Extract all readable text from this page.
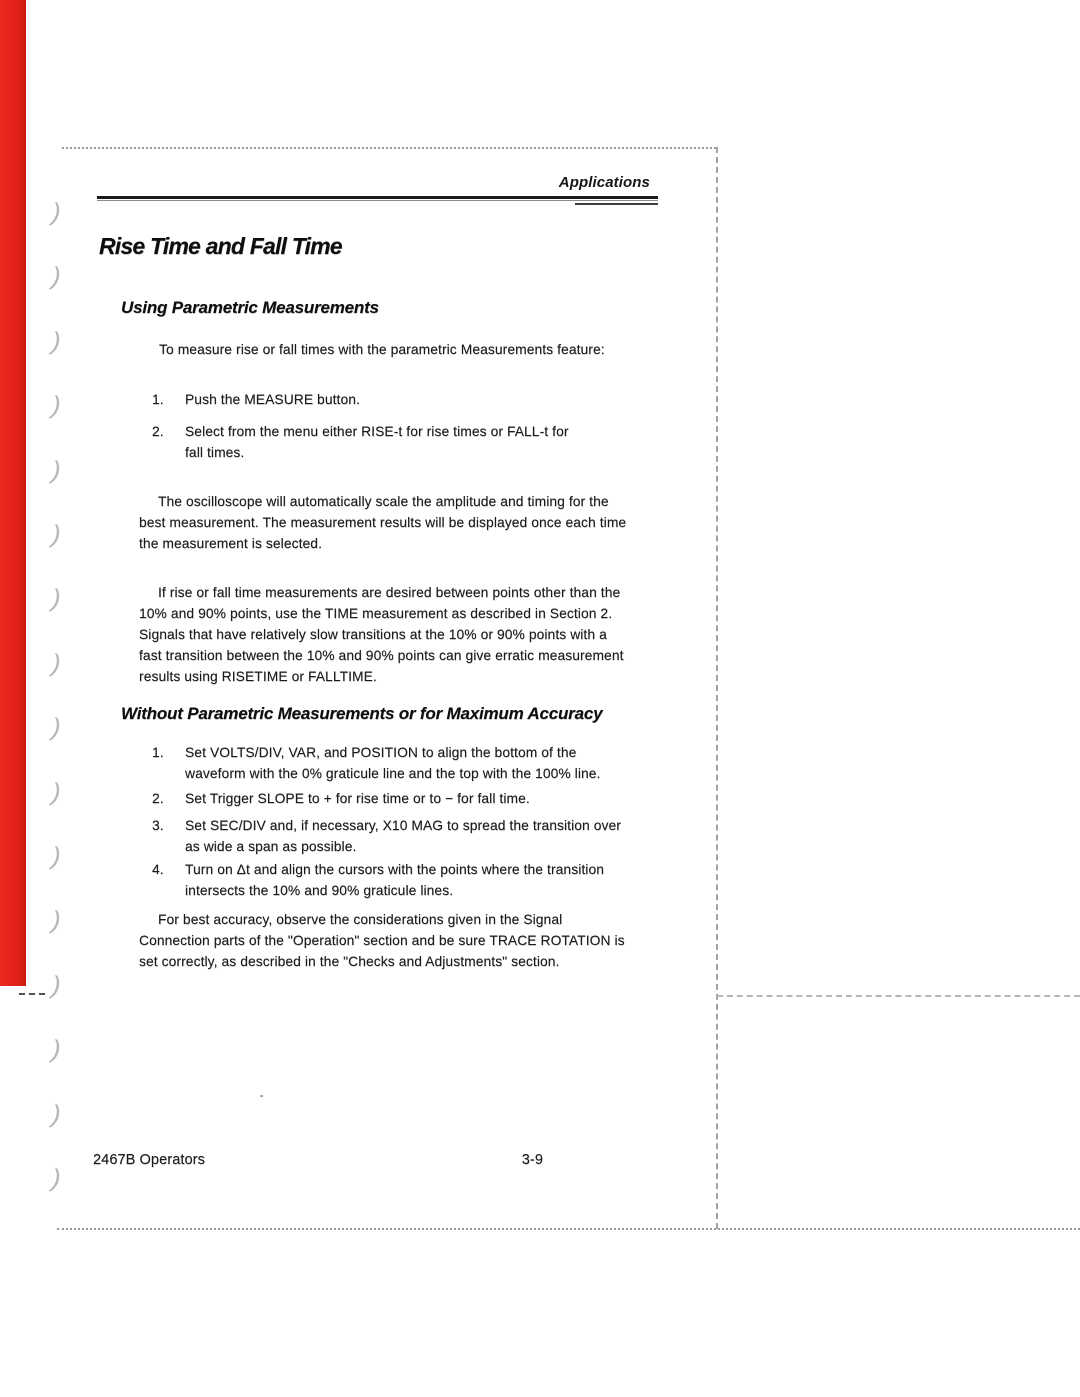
)
)
)
)
)
)
)
)
)
)
)
)
)
)
)
)
Applications
Rise Time and Fall Time
Using Parametric Measurements
To measure rise or fall times with the parametric Measurements feature:
1.	Push the MEASURE button.
2.	Select from the menu either RISE-t for rise times or FALL-t for
fall times.
The oscilloscope will automatically scale the amplitude and timing for the
best measurement. The measurement results will be displayed once each time
the measurement is selected.
If rise or fall time measurements are desired between points other than the
10% and 90% points, use the TIME measurement as described in Section 2.
Signals that have relatively slow transitions at the 10% or 90% points with a
fast transition between the 10% and 90% points can give erratic measurement
results using RISETIME or FALLTIME.
Without Parametric Measurements or for Maximum Accuracy
1.	Set VOLTS/DIV, VAR, and POSITION to align the bottom of the
waveform with the 0% graticule line and the top with the 100% line.
2.	Set Trigger SLOPE to + for rise time or to − for fall time.
3.	Set SEC/DIV and, if necessary, X10 MAG to spread the transition over
as wide a span as possible.
4.	Turn on Δt and align the cursors with the points where the transition
intersects the 10% and 90% graticule lines.
For best accuracy, observe the considerations given in the Signal
Connection parts of the "Operation" section and be sure TRACE ROTATION is
set correctly, as described in the "Checks and Adjustments" section.
2467B Operators	3-9
